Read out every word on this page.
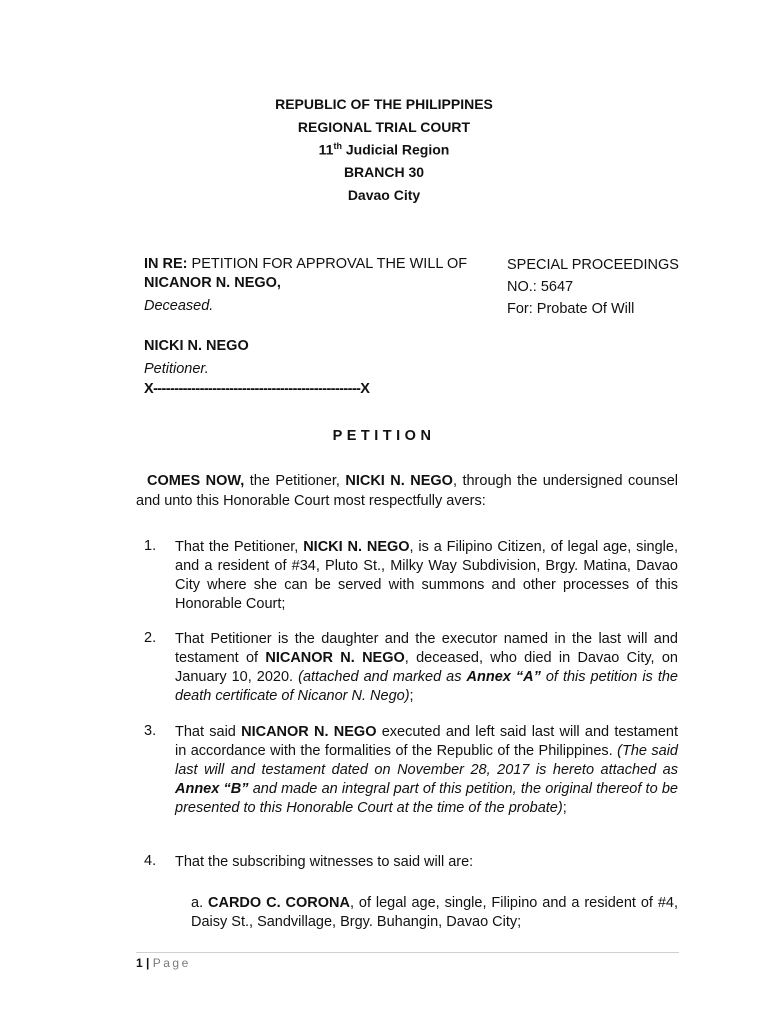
REPUBLIC OF THE PHILIPPINES
REGIONAL TRIAL COURT
11th Judicial Region
BRANCH 30
Davao City
IN RE: PETITION FOR APPROVAL THE WILL OF
NICANOR N. NEGO,
Deceased.
NICKI N. NEGO
Petitioner.
X-------------------------------------------------X
SPECIAL PROCEEDINGS
NO.: 5647
For: Probate Of Will
PETITION
COMES NOW, the Petitioner, NICKI N. NEGO, through the undersigned counsel and unto this Honorable Court most respectfully avers:
1. That the Petitioner, NICKI N. NEGO, is a Filipino Citizen, of legal age, single, and a resident of #34, Pluto St., Milky Way Subdivision, Brgy. Matina, Davao City where she can be served with summons and other processes of this Honorable Court;
2. That Petitioner is the daughter and the executor named in the last will and testament of NICANOR N. NEGO, deceased, who died in Davao City, on January 10, 2020. (attached and marked as Annex “A” of this petition is the death certificate of Nicanor N. Nego);
3. That said NICANOR N. NEGO executed and left said last will and testament in accordance with the formalities of the Republic of the Philippines. (The said last will and testament dated on November 28, 2017 is hereto attached as Annex “B” and made an integral part of this petition, the original thereof to be presented to this Honorable Court at the time of the probate);
4. That the subscribing witnesses to said will are:
a. CARDO C. CORONA, of legal age, single, Filipino and a resident of #4, Daisy St., Sandvillage, Brgy. Buhangin, Davao City;
1 | Page
